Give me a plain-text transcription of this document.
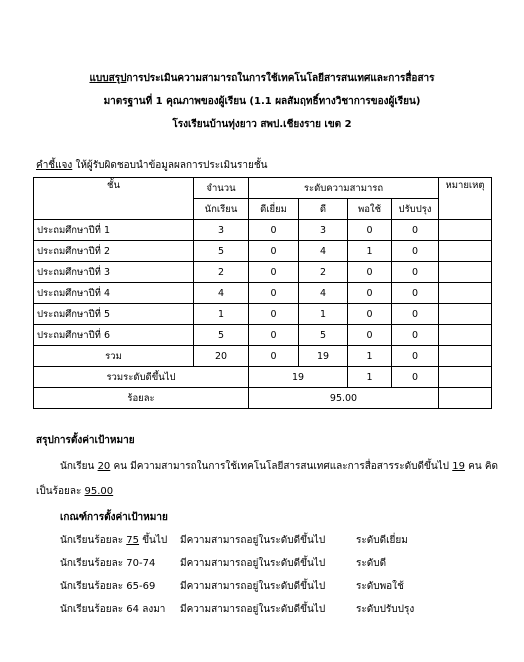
แบบสรุปการประเมินความสามารถในการใช้เทคโนโลยีสารสนเทศและการสื่อสาร
มาตรฐานที่ 1 คุณภาพของผู้เรียน (1.1 ผลสัมฤทธิ์ทางวิชาการของผู้เรียน)
โรงเรียนบ้านทุ่งยาว สพป.เชียงราย เขต 2
คำชี้แจง ให้ผู้รับผิดชอบนำข้อมูลผลการประเมินรายชั้น
ชั้น	จำนวน	ระดับความสามารถ				หมายเหตุ
	นักเรียน	ดีเยี่ยม	ดี	พอใช้	ปรับปรุง	
ประถมศึกษาปีที่ 1	3	0	3	0	0	
ประถมศึกษาปีที่ 2	5	0	4	1	0	
ประถมศึกษาปีที่ 3	2	0	2	0	0	
ประถมศึกษาปีที่ 4	4	0	4	0	0	
ประถมศึกษาปีที่ 5	1	0	1	0	0	
ประถมศึกษาปีที่ 6	5	0	5	0	0	
รวม	20	0	19	1	0	
รวมระดับดีขึ้นไป		19		1	0	
ร้อยละ		95.00				
สรุปการตั้งค่าเป้าหมาย
นักเรียน 20 คน มีความสามารถในการใช้เทคโนโลยีสารสนเทศและการสื่อสารระดับดีขึ้นไป 19 คน คิด
เป็นร้อยละ 95.00
เกณฑ์การตั้งค่าเป้าหมาย
นักเรียนร้อยละ 75 ขึ้นไป มีความสามารถอยู่ในระดับดีขึ้นไป	ระดับดีเยี่ยม
นักเรียนร้อยละ 70-74 มีความสามารถอยู่ในระดับดีขึ้นไป	ระดับดี
นักเรียนร้อยละ 65-69 มีความสามารถอยู่ในระดับดีขึ้นไป	ระดับพอใช้
นักเรียนร้อยละ 64 ลงมา มีความสามารถอยู่ในระดับดีขึ้นไป	ระดับปรับปรุง
